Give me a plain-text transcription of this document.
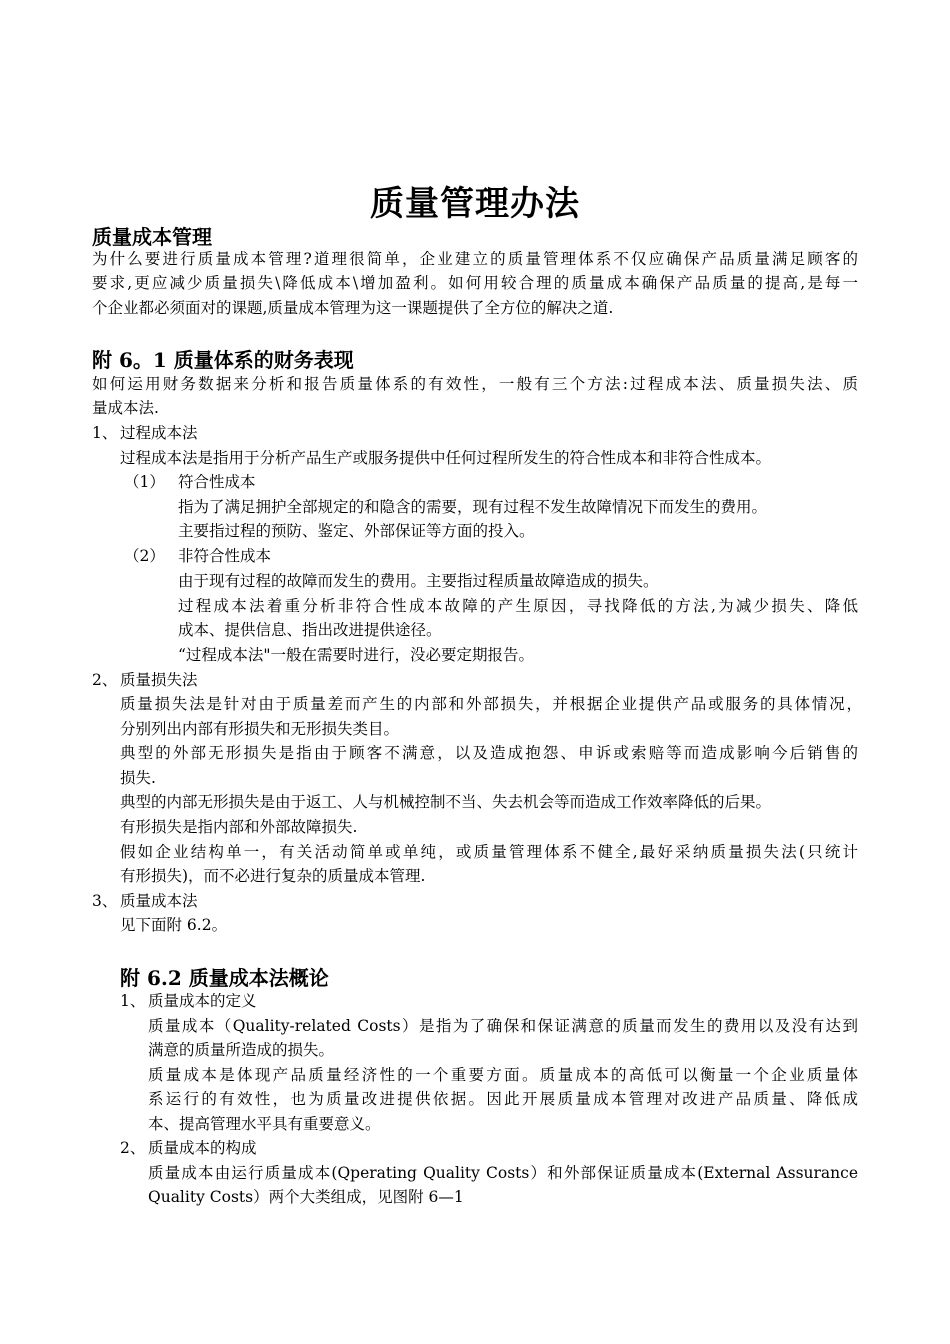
质量管理办法
质量成本管理
为什么要进行质量成本管理?道理很简单，企业建立的质量管理体系不仅应确保产品质量满足顾客的
要求,更应减少质量损失\降低成本\增加盈利。如何用较合理的质量成本确保产品质量的提高,是每一
个企业都必须面对的课题,质量成本管理为这一课题提供了全方位的解决之道.
附 6。1 质量体系的财务表现
如何运用财务数据来分析和报告质量体系的有效性，一般有三个方法:过程成本法、质量损失法、质
量成本法.
1、 过程成本法
过程成本法是指用于分析产品生产或服务提供中任何过程所发生的符合性成本和非符合性成本。
（1） 符合性成本
指为了满足拥护全部规定的和隐含的需要，现有过程不发生故障情况下而发生的费用。
主要指过程的预防、鉴定、外部保证等方面的投入。
（2） 非符合性成本
由于现有过程的故障而发生的费用。主要指过程质量故障造成的损失。
过程成本法着重分析非符合性成本故障的产生原因，寻找降低的方法,为减少损失、降低
成本、提供信息、指出改进提供途径。
“过程成本法"一般在需要时进行，没必要定期报告。
2、 质量损失法
质量损失法是针对由于质量差而产生的内部和外部损失，并根据企业提供产品或服务的具体情况，
分别列出内部有形损失和无形损失类目。
典型的外部无形损失是指由于顾客不满意，以及造成抱怨、申诉或索赔等而造成影响今后销售的
损失.
典型的内部无形损失是由于返工、人与机械控制不当、失去机会等而造成工作效率降低的后果。
有形损失是指内部和外部故障损失.
假如企业结构单一，有关活动简单或单纯，或质量管理体系不健全,最好采纳质量损失法(只统计
有形损失)，而不必进行复杂的质量成本管理.
3、 质量成本法
见下面附 6.2。
附 6.2 质量成本法概论
1、 质量成本的定义
质量成本（Quality-related Costs）是指为了确保和保证满意的质量而发生的费用以及没有达到
满意的质量所造成的损失。
质量成本是体现产品质量经济性的一个重要方面。质量成本的高低可以衡量一个企业质量体
系运行的有效性，也为质量改进提供依据。因此开展质量成本管理对改进产品质量、降低成
本、提高管理水平具有重要意义。
2、 质量成本的构成
质量成本由运行质量成本(Qperating Quality Costs）和外部保证质量成本(External Assurance
Quality Costs）两个大类组成，见图附 6—1
